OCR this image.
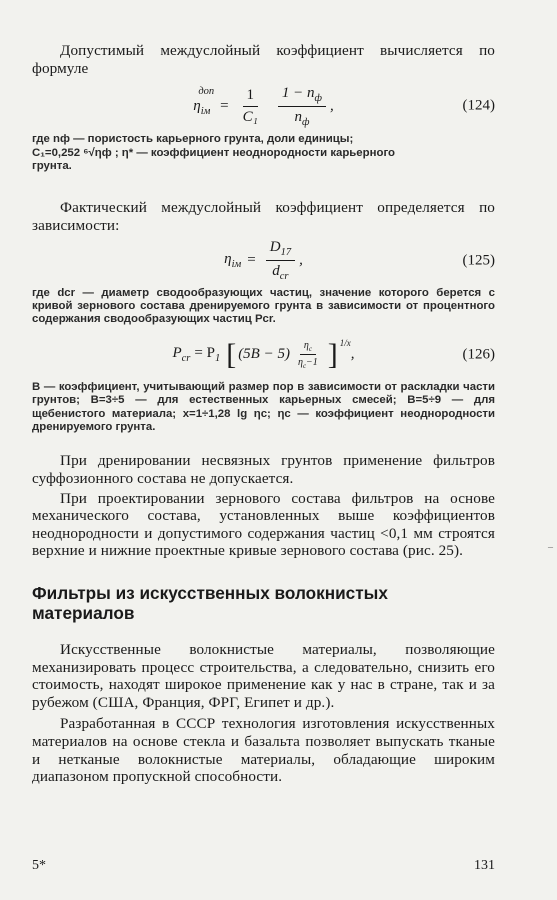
Допустимый междуслойный коэффициент вычисляется по формуле

$\eta_{iм}^{доп}$
= $\frac{1}{\text{C₁}} \frac{1 - n_ф}{n_ф}$ ,	(124)

где nф — пористость карьерного грунта, доли единицы;

C₁=0,252 ⁶√ηф ; η* — коэффициент неоднородности карьерного

грунта.

Фактический междуслойный коэффициент определяется по зависимости:

$\eta_{iм} = \frac{D_{17}}{d_{cr}}$ ,	(125)

где dcr — диаметр сводообразующих частиц, значение которого берется с кривой зернового состава дренируемого грунта в зависимости от процентного содержания сводообразующих частиц Pcr.

$P_{cr} = P_1$ [ $(5B - 5) \frac{\eta_c}{\eta_c-1} ]^{1/x}$
,	(126)

B — коэффициент, учитывающий размер пор в зависимости от раскладки части грунтов; B=3÷5 — для естественных карьерных смесей; B=5÷9 — для щебенистого материала; x=1÷1,28 lg ηc; ηc — коэффициент неоднородности дренируемого грунта.

При дренировании несвязных грунтов применение фильтров суффозионного состава не допускается.

При проектировании зернового состава фильтров на основе механического состава, установленных выше коэффициентов неоднородности и допустимого содержания частиц <0,1 мм строятся верхние и нижние проектные кривые зернового состава (рис. 25).

Фильтры из искусственных волокнистых материалов

Искусственные волокнистые материалы, позволяющие механизировать процесс строительства, а следовательно, снизить его стоимость, находят широкое применение как у нас в стране, так и за рубежом (США, Франция, ФРГ, Египет и др.).

Разработанная в СССР технология изготовления искусственных материалов на основе стекла и базальта позволяет выпускать тканые и нетканые волокнистые материалы, обладающие широким диапазоном пропускной способности.

5*	131
–
